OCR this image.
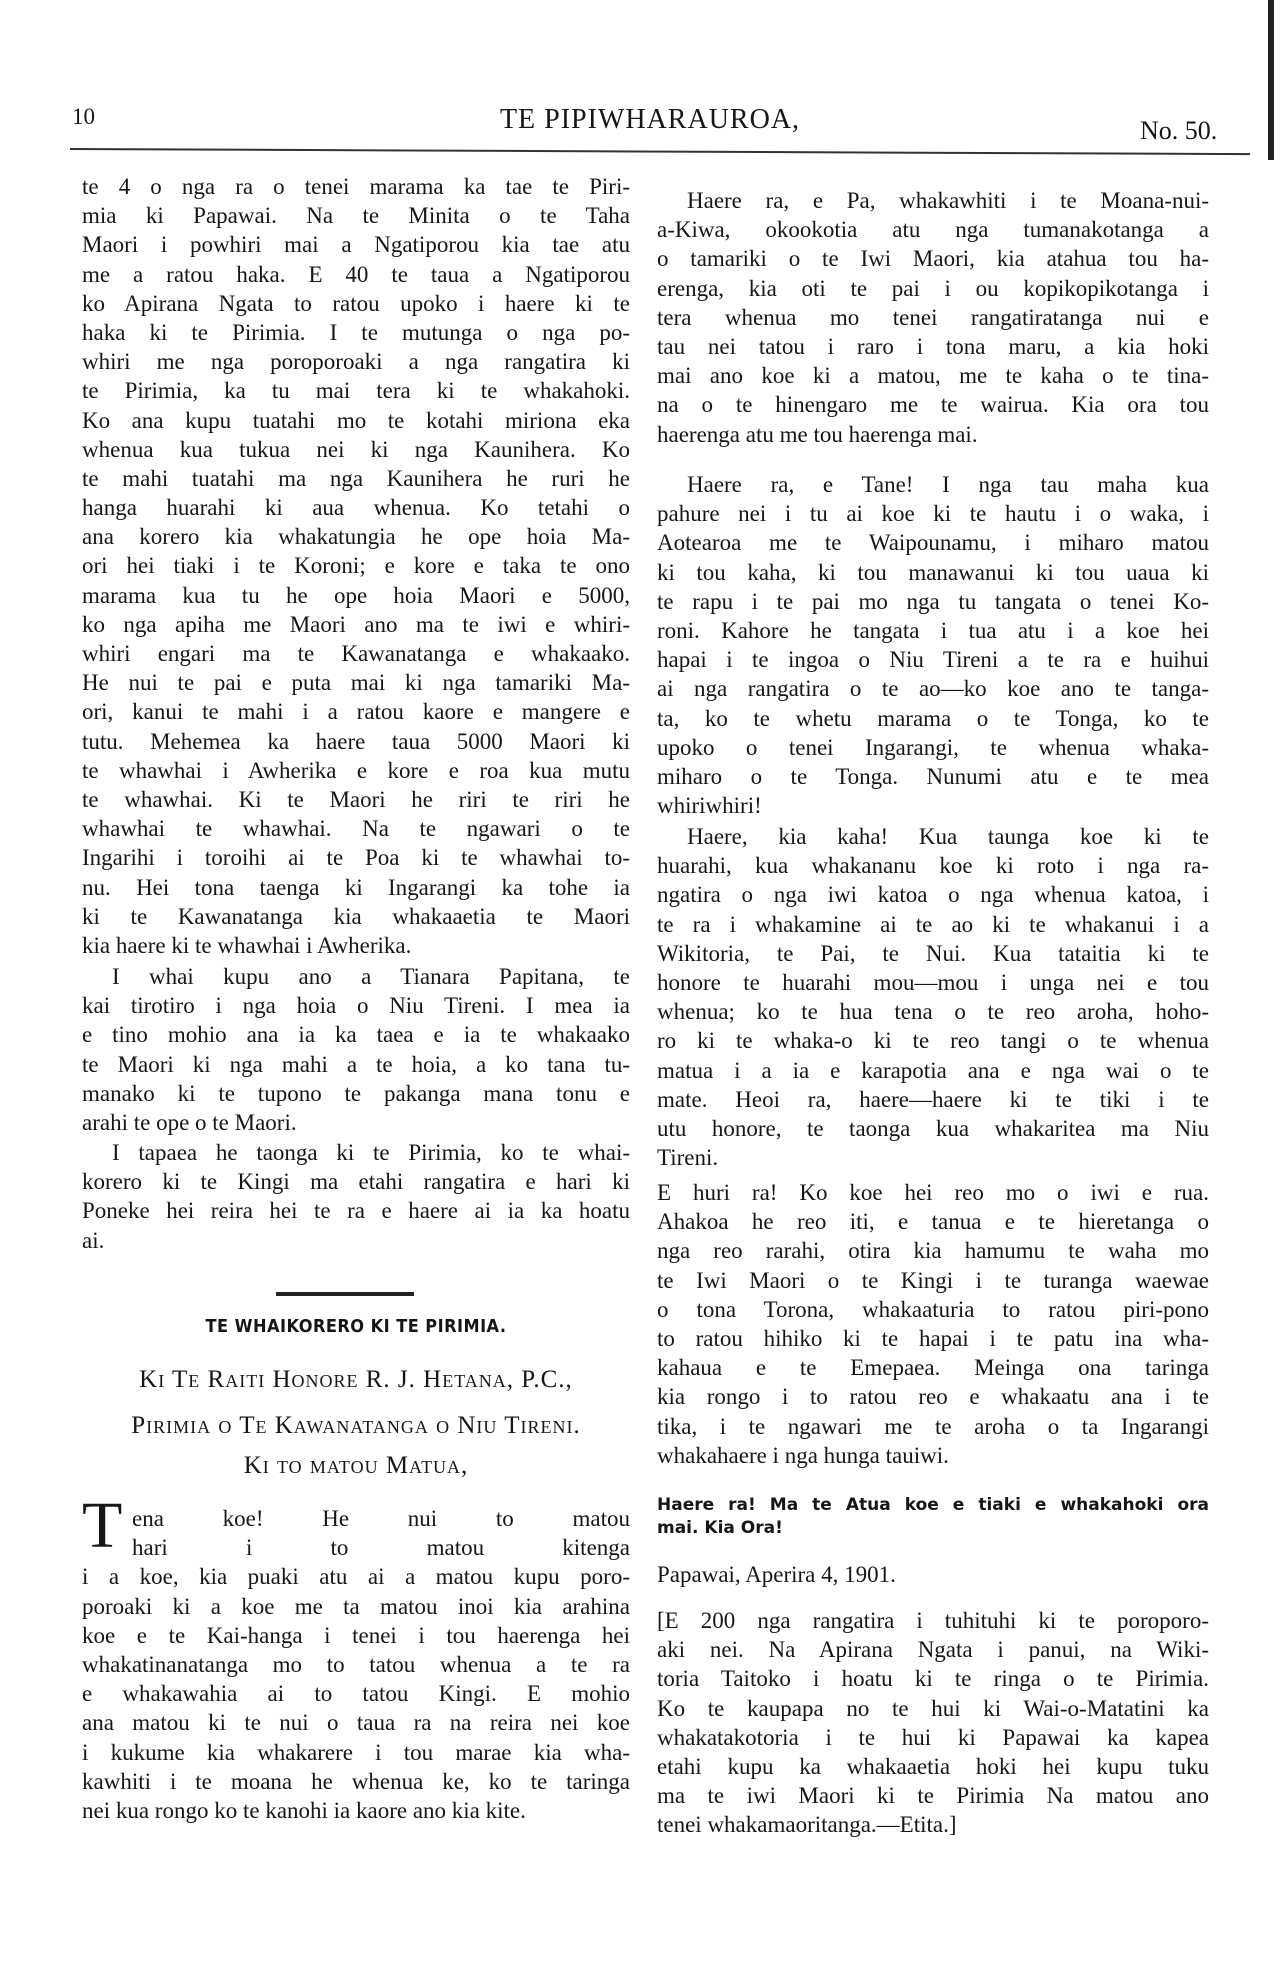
10	TE PIPIWHARAUROA,	No. 50.
te 4 o nga ra o tenei marama ka tae te Piri-
mia ki Papawai. Na te Minita o te Taha
Maori i powhiri mai a Ngatiporou kia tae atu
me a ratou haka. E 40 te taua a Ngatiporou
ko Apirana Ngata to ratou upoko i haere ki te
haka ki te Pirimia. I te mutunga o nga po-
whiri me nga poroporoaki a nga rangatira ki
te Pirimia, ka tu mai tera ki te whakahoki.
Ko ana kupu tuatahi mo te kotahi miriona eka
whenua kua tukua nei ki nga Kaunihera. Ko
te mahi tuatahi ma nga Kaunihera he ruri he
hanga huarahi ki aua whenua. Ko tetahi o
ana korero kia whakatungia he ope hoia Ma-
ori hei tiaki i te Koroni; e kore e taka te ono
marama kua tu he ope hoia Maori e 5000,
ko nga apiha me Maori ano ma te iwi e whiri-
whiri engari ma te Kawanatanga e whakaako.
He nui te pai e puta mai ki nga tamariki Ma-
ori, kanui te mahi i a ratou kaore e mangere e
tutu. Mehemea ka haere taua 5000 Maori ki
te whawhai i Awherika e kore e roa kua mutu
te whawhai. Ki te Maori he riri te riri he
whawhai te whawhai. Na te ngawari o te
Ingarihi i toroihi ai te Poa ki te whawhai to-
nu. Hei tona taenga ki Ingarangi ka tohe ia
ki te Kawanatanga kia whakaaetia te Maori
kia haere ki te whawhai i Awherika.
I whai kupu ano a Tianara Papitana, te
kai tirotiro i nga hoia o Niu Tireni. I mea ia
e tino mohio ana ia ka taea e ia te whakaako
te Maori ki nga mahi a te hoia, a ko tana tu-
manako ki te tupono te pakanga mana tonu e
arahi te ope o te Maori.
I tapaea he taonga ki te Pirimia, ko te whai-
korero ki te Kingi ma etahi rangatira e hari ki
Poneke hei reira hei te ra e haere ai ia ka hoatu
ai.
TE WHAIKORERO KI TE PIRIMIA.
Ki Te Raiti Honore R. J. Hetana, P.C.,
Pirimia o Te Kawanatanga o Niu Tireni.
Ki to matou Matua,
T ena koe! He nui to matou
hari i to matou kitenga
i a koe, kia puaki atu ai a matou kupu poro-
poroaki ki a koe me ta matou inoi kia arahina
koe e te Kai-hanga i tenei i tou haerenga hei
whakatinanatanga mo to tatou whenua a te ra
e whakawahia ai to tatou Kingi. E mohio
ana matou ki te nui o taua ra na reira nei koe
i kukume kia whakarere i tou marae kia wha-
kawhiti i te moana he whenua ke, ko te taringa
nei kua rongo ko te kanohi ia kaore ano kia kite.
Haere ra, e Pa, whakawhiti i te Moana-nui-
a-Kiwa, okookotia atu nga tumanakotanga a
o tamariki o te Iwi Maori, kia atahua tou ha-
erenga, kia oti te pai i ou kopikopikotanga i
tera whenua mo tenei rangatiratanga nui e
tau nei tatou i raro i tona maru, a kia hoki
mai ano koe ki a matou, me te kaha o te tina-
na o te hinengaro me te wairua. Kia ora tou
haerenga atu me tou haerenga mai.
Haere ra, e Tane! I nga tau maha kua
pahure nei i tu ai koe ki te hautu i o waka, i
Aotearoa me te Waipounamu, i miharo matou
ki tou kaha, ki tou manawanui ki tou uaua ki
te rapu i te pai mo nga tu tangata o tenei Ko-
roni. Kahore he tangata i tua atu i a koe hei
hapai i te ingoa o Niu Tireni a te ra e huihui
ai nga rangatira o te ao—ko koe ano te tanga-
ta, ko te whetu marama o te Tonga, ko te
upoko o tenei Ingarangi, te whenua whaka-
miharo o te Tonga. Nunumi atu e te mea
whiriwhiri!
Haere, kia kaha! Kua taunga koe ki te
huarahi, kua whakananu koe ki roto i nga ra-
ngatira o nga iwi katoa o nga whenua katoa, i
te ra i whakamine ai te ao ki te whakanui i a
Wikitoria, te Pai, te Nui. Kua tataitia ki te
honore te huarahi mou—mou i unga nei e tou
whenua; ko te hua tena o te reo aroha, hoho-
ro ki te whaka-o ki te reo tangi o te whenua
matua i a ia e karapotia ana e nga wai o te
mate. Heoi ra, haere—haere ki te tiki i te
utu honore, te taonga kua whakaritea ma Niu
Tireni.
E huri ra! Ko koe hei reo mo o iwi e rua.
Ahakoa he reo iti, e tanua e te hieretanga o
nga reo rarahi, otira kia hamumu te waha mo
te Iwi Maori o te Kingi i te turanga waewae
o tona Torona, whakaaturia to ratou piri-pono
to ratou hihiko ki te hapai i te patu ina wha-
kahaua e te Emepaea. Meinga ona taringa
kia rongo i to ratou reo e whakaatu ana i te
tika, i te ngawari me te aroha o ta Ingarangi
whakahaere i nga hunga tauiwi.
Haere ra! Ma te Atua koe e tiaki e whakahoki ora
mai. Kia Ora!
Papawai, Aperira 4, 1901.
[E 200 nga rangatira i tuhituhi ki te poroporo-
aki nei. Na Apirana Ngata i panui, na Wiki-
toria Taitoko i hoatu ki te ringa o te Pirimia.
Ko te kaupapa no te hui ki Wai-o-Matatini ka
whakatakotoria i te hui ki Papawai ka kapea
etahi kupu ka whakaaetia hoki hei kupu tuku
ma te iwi Maori ki te Pirimia Na matou ano
tenei whakamaoritanga.—Etita.]
